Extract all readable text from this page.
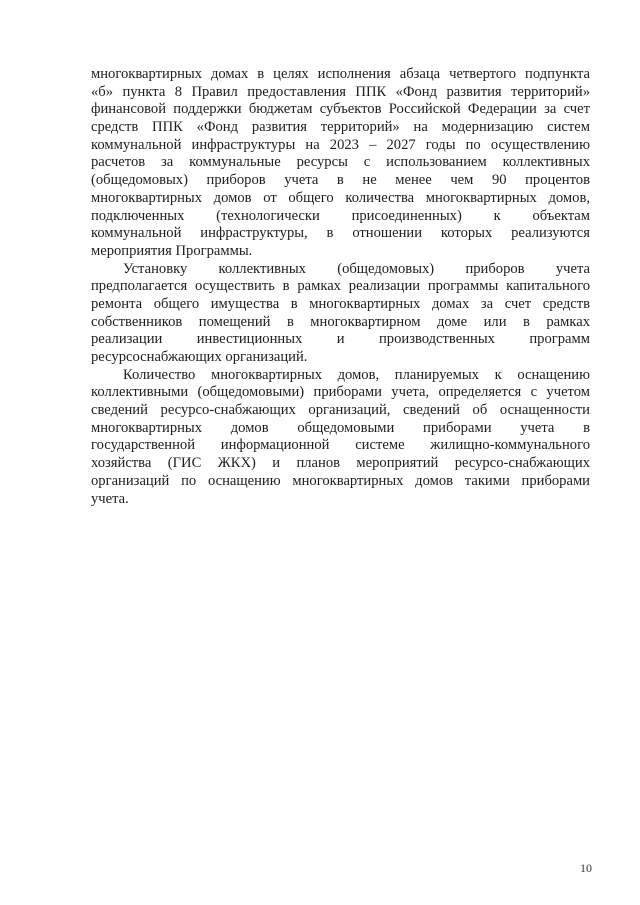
многоквартирных домах в целях исполнения абзаца четвертого подпункта
«б» пункта 8 Правил предоставления ППК «Фонд развития территорий»
финансовой поддержки бюджетам субъектов Российской Федерации за счет
средств ППК «Фонд развития территорий» на модернизацию систем
коммунальной инфраструктуры на 2023 – 2027 годы по осуществлению
расчетов за коммунальные ресурсы с использованием коллективных
(общедомовых) приборов учета в не менее чем 90 процентов
многоквартирных домов от общего количества многоквартирных домов,
подключенных (технологически присоединенных) к объектам
коммунальной инфраструктуры, в отношении которых реализуются
мероприятия Программы.
Установку коллективных (общедомовых) приборов учета
предполагается осуществить в рамках реализации программы капитального
ремонта общего имущества в многоквартирных домах за счет средств
собственников помещений в многоквартирном доме или в рамках
реализации инвестиционных и производственных программ
ресурсоснабжающих организаций.
Количество многоквартирных домов, планируемых к оснащению
коллективными (общедомовыми) приборами учета, определяется с учетом
сведений ресурсо-снабжающих организаций, сведений об оснащенности
многоквартирных домов общедомовыми приборами учета в
государственной информационной системе жилищно-коммунального
хозяйства (ГИС ЖКХ) и планов мероприятий ресурсо-снабжающих
организаций по оснащению многоквартирных домов такими приборами
учета.
10
